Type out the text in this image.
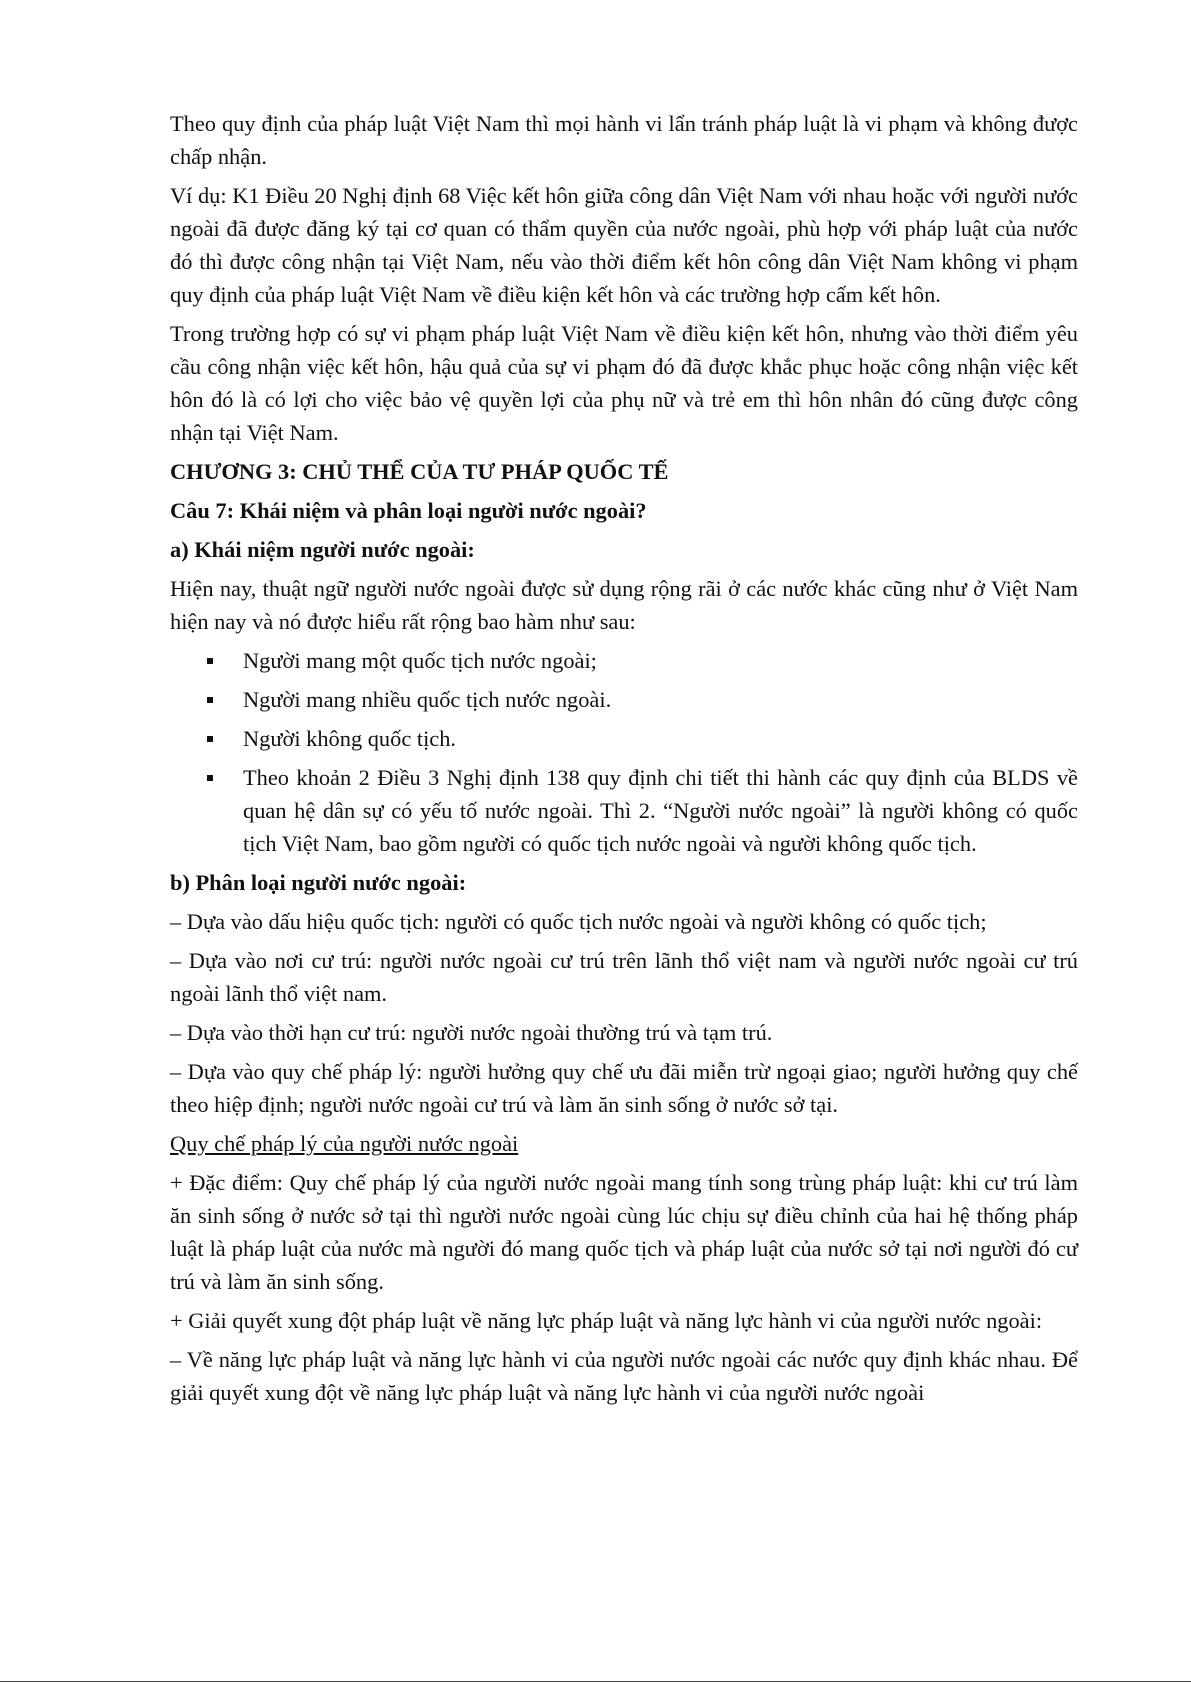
Theo quy định của pháp luật Việt Nam thì mọi hành vi lẩn tránh pháp luật là vi phạm và không được chấp nhận.

Ví dụ: K1 Điều 20 Nghị định 68 Việc kết hôn giữa công dân Việt Nam với nhau hoặc với người nước ngoài đã được đăng ký tại cơ quan có thẩm quyền của nước ngoài, phù hợp với pháp luật của nước đó thì được công nhận tại Việt Nam, nếu vào thời điểm kết hôn công dân Việt Nam không vi phạm quy định của pháp luật Việt Nam về điều kiện kết hôn và các trường hợp cấm kết hôn.

Trong trường hợp có sự vi phạm pháp luật Việt Nam về điều kiện kết hôn, nhưng vào thời điểm yêu cầu công nhận việc kết hôn, hậu quả của sự vi phạm đó đã được khắc phục hoặc công nhận việc kết hôn đó là có lợi cho việc bảo vệ quyền lợi của phụ nữ và trẻ em thì hôn nhân đó cũng được công nhận tại Việt Nam.

CHƯƠNG 3: CHỦ THỂ CỦA TƯ PHÁP QUỐC TẾ
Câu 7: Khái niệm và phân loại người nước ngoài?
a) Khái niệm người nước ngoài:

Hiện nay, thuật ngữ người nước ngoài được sử dụng rộng rãi ở các nước khác cũng như ở Việt Nam hiện nay và nó được hiểu rất rộng bao hàm như sau:

Người mang một quốc tịch nước ngoài;
Người mang nhiều quốc tịch nước ngoài.
Người không quốc tịch.
Theo khoản 2 Điều 3 Nghị định 138 quy định chi tiết thi hành các quy định của BLDS về quan hệ dân sự có yếu tố nước ngoài. Thì 2. “Người nước ngoài” là người không có quốc tịch Việt Nam, bao gồm người có quốc tịch nước ngoài và người không quốc tịch.
b) Phân loại người nước ngoài:

– Dựa vào dấu hiệu quốc tịch: người có quốc tịch nước ngoài và người không có quốc tịch;

– Dựa vào nơi cư trú: người nước ngoài cư trú trên lãnh thổ việt nam và người nước ngoài cư trú ngoài lãnh thổ việt nam.

– Dựa vào thời hạn cư trú: người nước ngoài thường trú và tạm trú.

– Dựa vào quy chế pháp lý: người hưởng quy chế ưu đãi miễn trừ ngoại giao; người hưởng quy chế theo hiệp định; người nước ngoài cư trú và làm ăn sinh sống ở nước sở tại.

Quy chế pháp lý của người nước ngoài

+ Đặc điểm: Quy chế pháp lý của người nước ngoài mang tính song trùng pháp luật: khi cư trú làm ăn sinh sống ở nước sở tại thì người nước ngoài cùng lúc chịu sự điều chỉnh của hai hệ thống pháp luật là pháp luật của nước mà người đó mang quốc tịch và pháp luật của nước sở tại nơi người đó cư trú và làm ăn sinh sống.

+ Giải quyết xung đột pháp luật về năng lực pháp luật và năng lực hành vi của người nước ngoài:

– Về năng lực pháp luật và năng lực hành vi của người nước ngoài các nước quy định khác nhau. Để giải quyết xung đột về năng lực pháp luật và năng lực hành vi của người nước ngoài
